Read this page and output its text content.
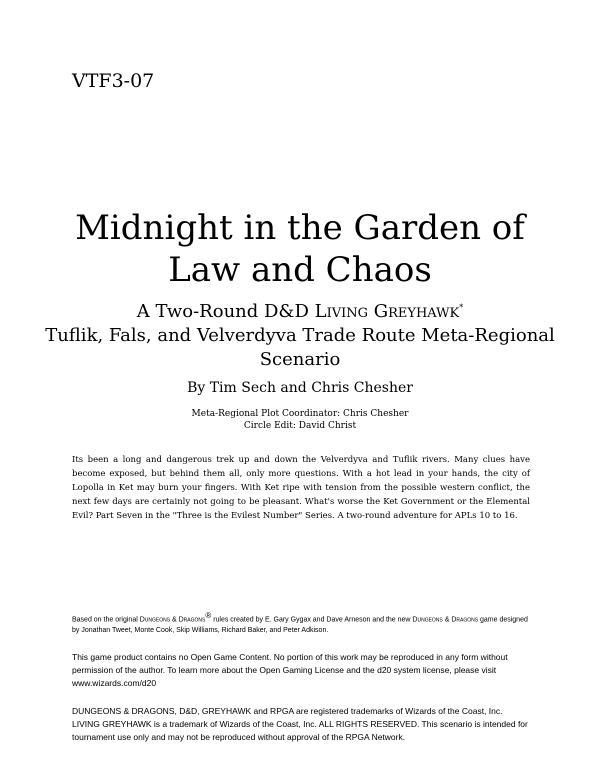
VTF3-07
Midnight in the Garden of Law and Chaos
A Two-Round D&D Living Greyhawk*
Tuflik, Fals, and Velverdyva Trade Route Meta-Regional Scenario
By Tim Sech and Chris Chesher
Meta-Regional Plot Coordinator: Chris Chesher
Circle Edit: David Christ
Its been a long and dangerous trek up and down the Velverdyva and Tuflik rivers. Many clues have become exposed, but behind them all, only more questions. With a hot lead in your hands, the city of Lopolla in Ket may burn your fingers. With Ket ripe with tension from the possible western conflict, the next few days are certainly not going to be pleasant. What's worse the Ket Government or the Elemental Evil? Part Seven in the "Three is the Evilest Number" Series. A two-round adventure for APLs 10 to 16.
Based on the original Dungeons & Dragons® rules created by E. Gary Gygax and Dave Arneson and the new Dungeons & Dragons game designed by Jonathan Tweet, Monte Cook, Skip Williams, Richard Baker, and Peter Adkison.
This game product contains no Open Game Content. No portion of this work may be reproduced in any form without permission of the author. To learn more about the Open Gaming License and the d20 system license, please visit www.wizards.com/d20
DUNGEONS & DRAGONS, D&D, GREYHAWK and RPGA are registered trademarks of Wizards of the Coast, Inc. LIVING GREYHAWK is a trademark of Wizards of the Coast, Inc. ALL RIGHTS RESERVED. This scenario is intended for tournament use only and may not be reproduced without approval of the RPGA Network.
